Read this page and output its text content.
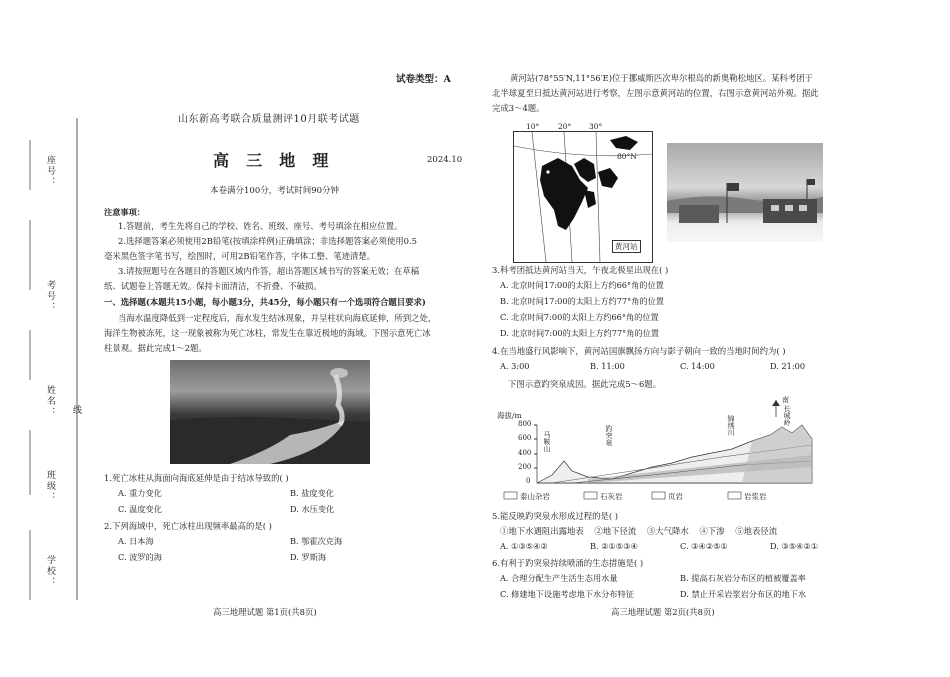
座号：
考号：
姓名： 线
班级：
学校：
试卷类型：A
山东新高考联合质量测评10月联考试题
高  三  地  理	2024.10
本卷满分100分，考试时间90分钟
注意事项：
1.答题前，考生先将自己的学校、姓名、班级、座号、考号填涂在相应位置。
2.选择题答案必须使用2B铅笔(按填涂样例)正确填涂；非选择题答案必须使用0.5
毫米黑色签字笔书写，绘图时，可用2B铅笔作答，字体工整、笔迹清楚。
3.请按照题号在各题目的答题区域内作答，超出答题区域书写的答案无效；在草稿
纸、试题卷上答题无效。保持卡面清洁，不折叠、不破损。
一、选择题(本题共15小题，每小题3分，共45分，每小题只有一个选项符合题目要求)
当海水温度降低到一定程度后，海水发生结冰现象，并呈柱状向海底延伸，所到之处，
海洋生物被冻死，这一现象被称为死亡冰柱，常发生在靠近极地的海域。下图示意死亡冰
柱景观。据此完成1～2题。
1.死亡冰柱从海面向海底延伸是由于结冰导致的( )
A. 重力变化	B. 盐度变化
C. 温度变化	D. 水压变化
2.下列海域中，死亡冰柱出现频率最高的是( )
A. 日本海	B. 鄂霍次克海
C. 波罗的海	D. 罗斯海
高三地理试题 第1页(共8页)
黄河站(78°55′N,11°56′E)位于挪威斯匹次卑尔根岛的新奥勒松地区。某科考团于
北半球夏至日抵达黄河站进行考察，左图示意黄河站的位置，右图示意黄河站外观。据此
完成3～4题。
10° 20° 30°
黄河站
80°N
3.科考团抵达黄河站当天，午夜北极星出现在( )
A. 北京时间17:00的太阳上方约66°角的位置
B. 北京时间17:00的太阳上方约77°角的位置
C. 北京时间7:00的太阳上方约66°角的位置
D. 北京时间7:00的太阳上方约77°角的位置
4.在当地盛行风影响下，黄河站国旗飘扬方向与影子朝向一致的当地时间约为( )
A. 3:00	B. 11:00	C. 14:00	D. 21:00
下图示意趵突泉成因。据此完成5～6题。
海拔/m
800
600
400
200
0
马鞍山	趵突泉	锦绣川
南
长城岭
泰山杂岩	石灰岩	页岩	岩浆岩
5.能反映趵突泉水形成过程的是( )
①地下水遇阻出露地表    ②地下径流    ③大气降水    ④下渗    ⑤地表径流
A. ①③⑤④②	B. ②①⑤③④	C. ③④②⑤①	D. ③⑤④②①
6.有利于趵突泉持续喷涌的生态措施是( )
A. 合理分配生产生活生态用水量	B. 提高石灰岩分布区的植被覆盖率
C. 修建地下设施考虑地下水分布特征	D. 禁止开采岩浆岩分布区的地下水
高三地理试题 第2页(共8页)
